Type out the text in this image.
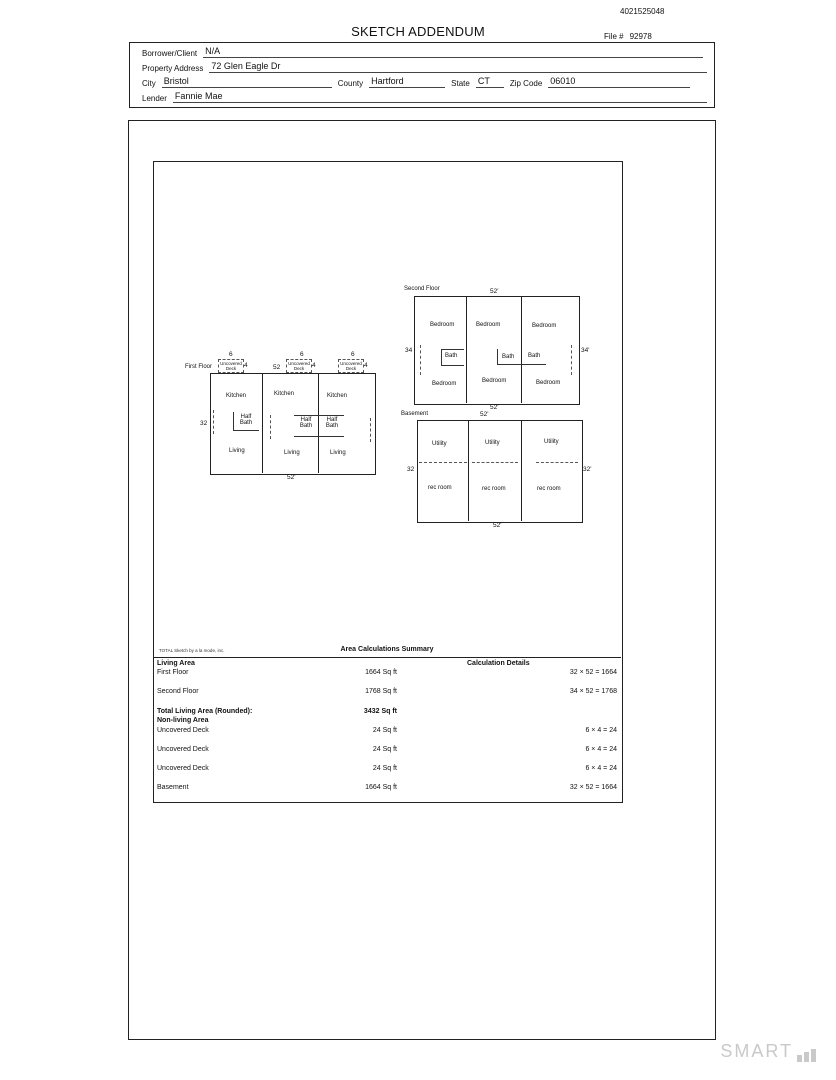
4021525048
SKETCH ADDENDUM	File # 92978
Borrower/Client N/A
Property Address 72 Glen Eagle Dr
City Bristol	County Hartford	State CT	Zip Code 06010
Lender Fannie Mae
First Floor	52
52'
32
6	6	6
4	4	4
Uncovered Deck
Uncovered Deck
Uncovered Deck
Kitchen	Kitchen	Kitchen
Half Bath	Half Bath
Half Bath
Living	Living	Living
Second Floor	52'
52'
34	34'
Bedroom	Bedroom	Bedroom
Bath	Bath Bath
Bedroom	Bedroom	Bedroom
Basement	52'
52'
32	32'
Utility	Utility	Utility
rec room	rec room	rec room
TOTAL Sketch by a la mode, inc.	Area Calculations Summary
Living Area	Calculation Details
First Floor	1664 Sq ft	32 × 52 = 1664
Second Floor	1768 Sq ft	34 × 52 = 1768
Total Living Area (Rounded):	3432 Sq ft
Non-living Area
Uncovered Deck	24 Sq ft	6 × 4 = 24
Uncovered Deck	24 Sq ft	6 × 4 = 24
Uncovered Deck	24 Sq ft	6 × 4 = 24
Basement	1664 Sq ft	32 × 52 = 1664
SMART
